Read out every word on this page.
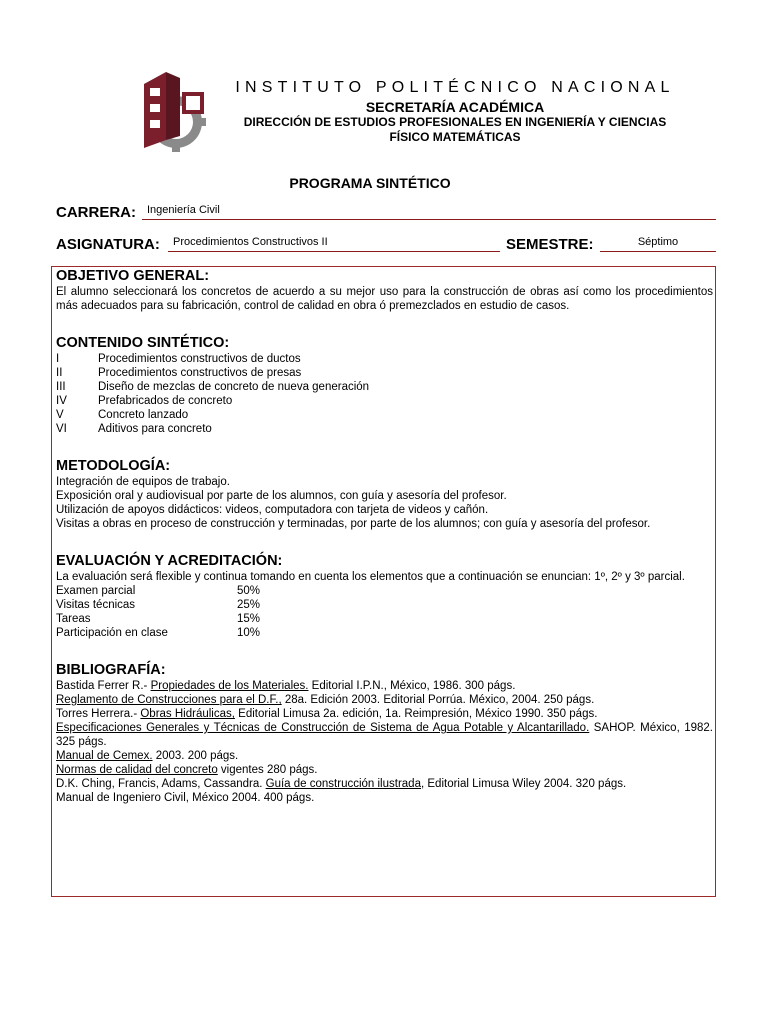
INSTITUTO POLITÉCNICO NACIONAL
SECRETARÍA ACADÉMICA
DIRECCIÓN DE ESTUDIOS PROFESIONALES EN INGENIERÍA Y CIENCIAS
FÍSICO MATEMÁTICAS
PROGRAMA SINTÉTICO
CARRERA:	Ingeniería Civil
ASIGNATURA:	Procedimientos Constructivos II	SEMESTRE:	Séptimo
OBJETIVO GENERAL:

El alumno seleccionará los concretos de acuerdo a su mejor uso para la construcción de obras así como los procedimientos más adecuados para su fabricación, control de calidad en obra ó premezclados en estudio de casos.

CONTENIDO SINTÉTICO:
I	Procedimientos constructivos de ductos
II	Procedimientos constructivos de presas
III	Diseño de mezclas de concreto de nueva generación
IV	Prefabricados de concreto
V	Concreto lanzado
VI	Aditivos para concreto
METODOLOGÍA:

Integración de equipos de trabajo.

Exposición oral y audiovisual por parte de los alumnos, con guía y asesoría del profesor.

Utilización de apoyos didácticos: videos, computadora con tarjeta de videos y cañón.

Visitas a obras en proceso de construcción y terminadas, por parte de los alumnos; con guía y asesoría del profesor.

EVALUACIÓN Y ACREDITACIÓN:

La evaluación será flexible y continua tomando en cuenta los elementos que a continuación se enuncian: 1º, 2º y 3º parcial.

Examen parcial	50%
Visitas técnicas	25%
Tareas	15%
Participación en clase	10%
BIBLIOGRAFÍA:

Bastida Ferrer R.- Propiedades de los Materiales. Editorial I.P.N., México, 1986. 300 págs.

Reglamento de Construcciones para el D.F., 28a. Edición 2003. Editorial Porrúa. México, 2004. 250 págs.

Torres Herrera.- Obras Hidráulicas, Editorial Limusa 2a. edición, 1a. Reimpresión, México 1990. 350 págs.

Especificaciones Generales y Técnicas de Construcción de Sistema de Agua Potable y Alcantarillado. SAHOP. México, 1982. 325 págs.

Manual de Cemex. 2003. 200 págs.

Normas de calidad del concreto vigentes 280 págs.

D.K. Ching, Francis, Adams, Cassandra. Guía de construcción ilustrada, Editorial Limusa Wiley 2004. 320 págs.

Manual de Ingeniero Civil, México 2004. 400 págs.
